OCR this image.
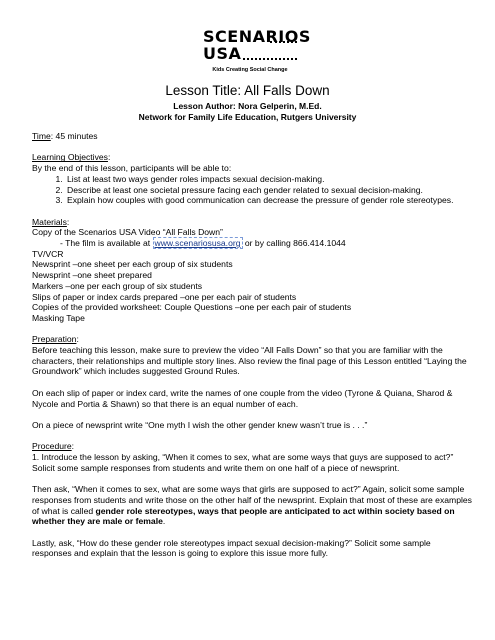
SCENARIOS
USA
Kids Creating Social Change
Lesson Title: All Falls Down
Lesson Author: Nora Gelperin, M.Ed.
Network for Family Life Education, Rutgers University

Time: 45 minutes

Learning Objectives:

By the end of this lesson, participants will be able to:

1. List at least two ways gender roles impacts sexual decision-making.
2. Describe at least one societal pressure facing each gender related to sexual decision-making.
3. Explain how couples with good communication can decrease the pressure of gender role stereotypes.

Materials:

Copy of the Scenarios USA Video “All Falls Down”

- The film is available at www.scenariosusa.org or by calling 866.414.1044

TV/VCR

Newsprint –one sheet per each group of six students

Newsprint –one sheet prepared

Markers –one per each group of six students

Slips of paper or index cards prepared –one per each pair of students

Copies of the provided worksheet: Couple Questions –one per each pair of students

Masking Tape

Preparation:

Before teaching this lesson, make sure to preview the video “All Falls Down” so that you are familiar with the characters, their relationships and multiple story lines. Also review the final page of this Lesson entitled “Laying the Groundwork” which includes suggested Ground Rules.

On each slip of paper or index card, write the names of one couple from the video (Tyrone & Quiana, Sharod & Nycole and Portia & Shawn) so that there is an equal number of each.

On a piece of newsprint write “One myth I wish the other gender knew wasn’t true is . . .”

Procedure:

1. Introduce the lesson by asking, “When it comes to sex, what are some ways that guys are supposed to act?” Solicit some sample responses from students and write them on one half of a piece of newsprint.

Then ask, “When it comes to sex, what are some ways that girls are supposed to act?” Again, solicit some sample responses from students and write those on the other half of the newsprint. Explain that most of these are examples of what is called gender role stereotypes, ways that people are anticipated to act within society based on whether they are male or female.

Lastly, ask, “How do these gender role stereotypes impact sexual decision-making?” Solicit some sample responses and explain that the lesson is going to explore this issue more fully.
